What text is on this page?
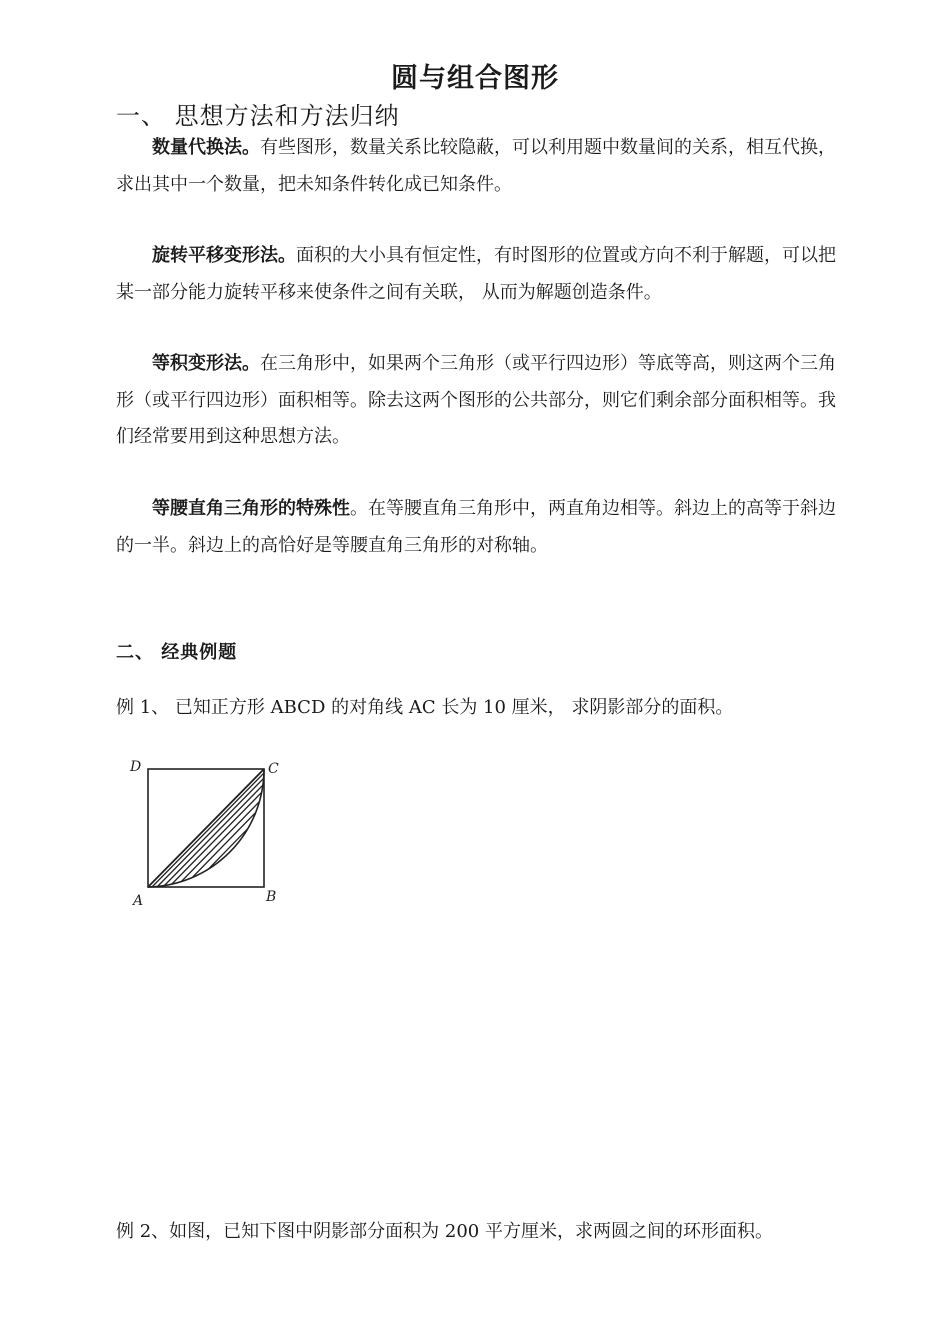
圆与组合图形
一、 思想方法和方法归纳

数量代换法。有些图形，数量关系比较隐蔽，可以利用题中数量间的关系，相互代换，求出其中一个数量，把未知条件转化成已知条件。

旋转平移变形法。面积的大小具有恒定性，有时图形的位置或方向不利于解题，可以把某一部分能力旋转平移来使条件之间有关联， 从而为解题创造条件。

等积变形法。在三角形中，如果两个三角形（或平行四边形）等底等高，则这两个三角形（或平行四边形）面积相等。除去这两个图形的公共部分，则它们剩余部分面积相等。我们经常要用到这种思想方法。

等腰直角三角形的特殊性。在等腰直角三角形中，两直角边相等。斜边上的高等于斜边的一半。斜边上的高恰好是等腰直角三角形的对称轴。

二、 经典例题
例 1、 已知正方形 ABCD 的对角线 AC 长为 10 厘米， 求阴影部分的面积。
D	C
A	B
例 2、如图，已知下图中阴影部分面积为 200 平方厘米，求两圆之间的环形面积。
